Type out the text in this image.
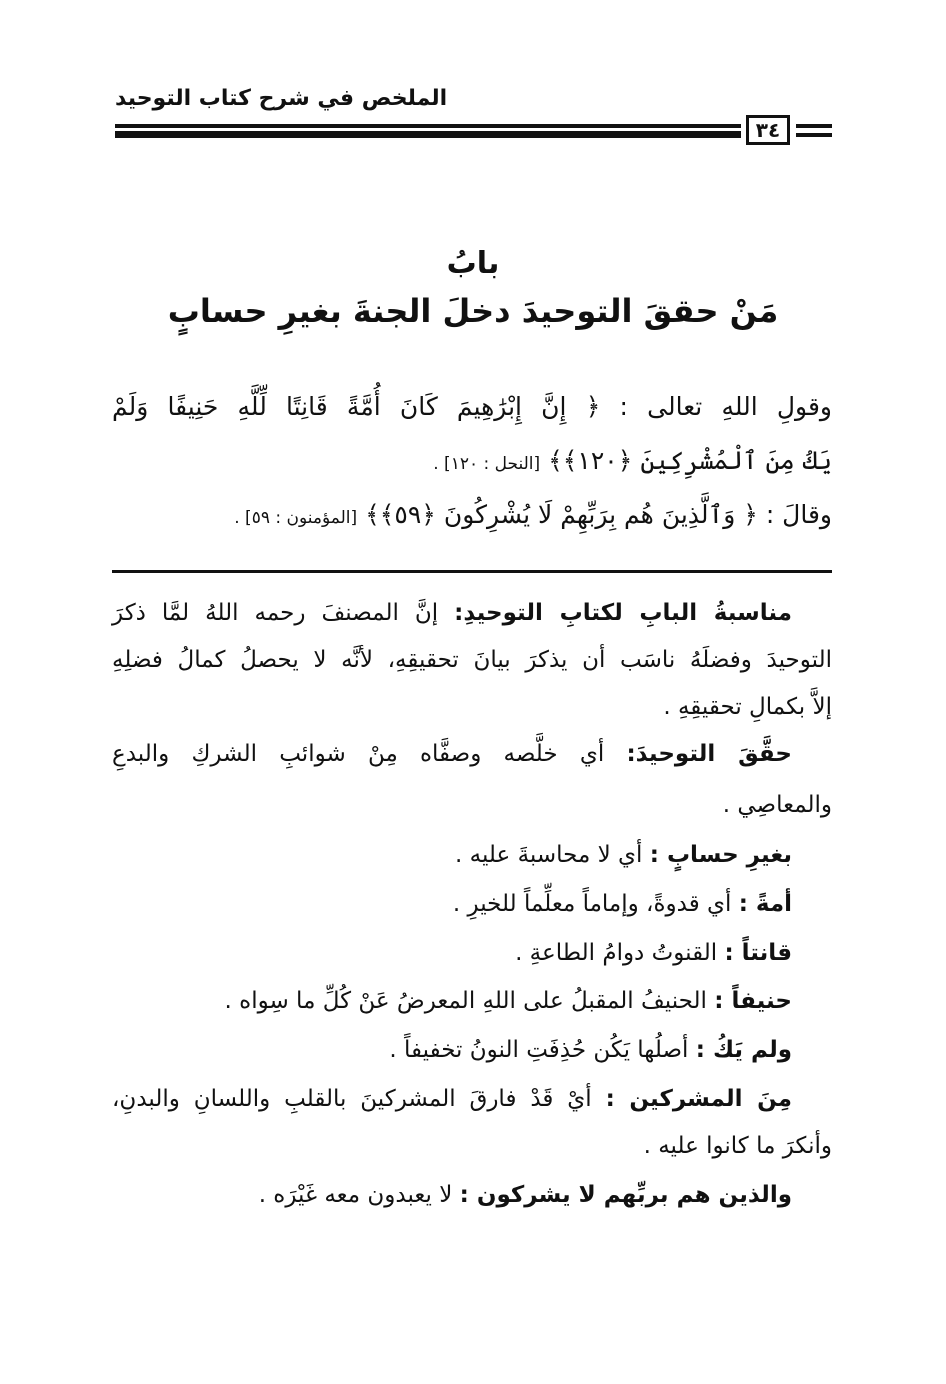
الملخص في شرح كتاب التوحيد
٣٤
بابُ
مَنْ حققَ التوحيدَ دخلَ الجنةَ بغيرِ حسابٍ
وقولِ اللهِ تعالى : ﴿ إِنَّ إِبْرَٰهِيمَ كَانَ أُمَّةً قَانِتًا لِّلَّهِ حَنِيفًا وَلَمْ
يَكُ مِنَ ٱلْمُشْرِكِينَ ﴿١٢٠﴾﴾ [النحل : ١٢٠] .
وقالَ : ﴿ وَٱلَّذِينَ هُم بِرَبِّهِمْ لَا يُشْرِكُونَ ﴿٥٩﴾﴾ [المؤمنون : ٥٩] .
مناسبةُ البابِ لكتابِ التوحيدِ: إنَّ المصنفَ رحمه اللهُ لمَّا ذكرَ
التوحيدَ وفضلَهُ ناسَب أن يذكرَ بيانَ تحقيقِهِ، لأنَّه لا يحصلُ كمالُ فضلِهِ
إلاَّ بكمالِ تحقيقِهِ .
حقَّقَ التوحيدَ: أي خلَّصه وصفَّاه مِنْ شوائبِ الشركِ والبدعِ
والمعاصِي .
بغيرِ حسابٍ : أي لا محاسبةَ عليه .
أمةً : أي قدوةً، وإماماً معلِّماً للخيرِ .
قانتاً : القنوتُ دوامُ الطاعةِ .
حنيفاً : الحنيفُ المقبلُ على اللهِ المعرضُ عَنْ كُلِّ ما سِواه .
ولم يَكُ : أصلُها يَكُن حُذِفَتِ النونُ تخفيفاً .
مِنَ المشركين : أيْ قَدْ فارقَ المشركينَ بالقلبِ واللسانِ والبدنِ،
وأنكرَ ما كانوا عليه .
والذين هم بربِّهم لا يشركون : لا يعبدون معه غَيْرَه .
